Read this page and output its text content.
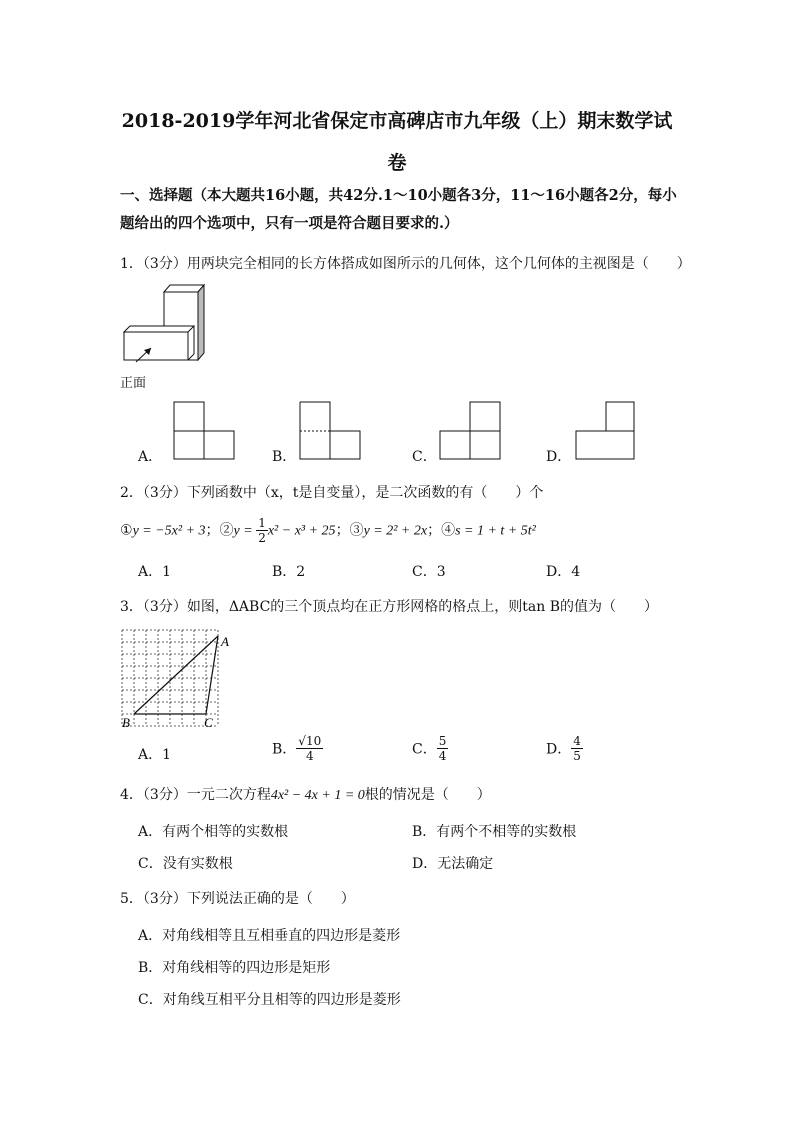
2018-2019学年河北省保定市高碑店市九年级（上）期末数学试
卷
一、选择题（本大题共16小题，共42分.1～10小题各3分，11～16小题各2分，每小题给出的四个选项中，只有一项是符合题目要求的.）
1．（3分）用两块完全相同的长方体搭成如图所示的几何体，这个几何体的主视图是（　　）
正面
A．	B．	C．	D．
2．（3分）下列函数中（x，t是自变量），是二次函数的有（　　）个
①y = −5x² + 3；②y = $\frac{1}{2} x^2 - x^3 + 25$；③y = 2² + 2x；④s = 1 + t + 5t²
A．1	B．2	C．3	D．4
3．（3分）如图，ΔABC的三个顶点均在正方形网格的格点上，则tan B的值为（　　）
A
B	C
A．1	B． $\frac{√10}{4}$	C． $\frac{5}{4}$	D． $\frac{4}{5}$
4．（3分）一元二次方程4x² − 4x + 1 = 0根的情况是（　　）
A．有两个相等的实数根	B．有两个不相等的实数根
C．没有实数根	D．无法确定
5．（3分）下列说法正确的是（　　）
A．对角线相等且互相垂直的四边形是菱形
B．对角线相等的四边形是矩形
C．对角线互相平分且相等的四边形是菱形
